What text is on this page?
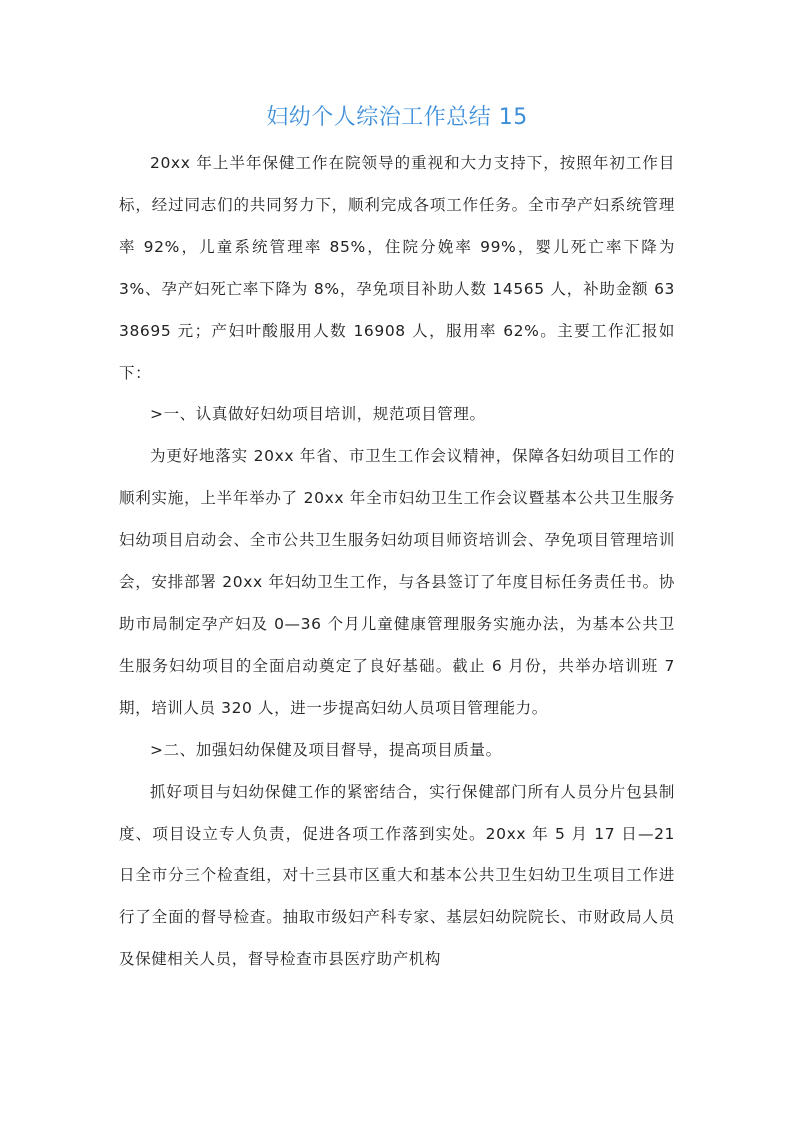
妇幼个人综治工作总结 15

20xx 年上半年保健工作在院领导的重视和大力支持下，按照年初工作目标，经过同志们的共同努力下，顺利完成各项工作任务。全市孕产妇系统管理率 92%，儿童系统管理率 85%，住院分娩率 99%，婴儿死亡率下降为 3%、孕产妇死亡率下降为 8%，孕免项目补助人数 14565 人，补助金额 6338695 元；产妇叶酸服用人数 16908 人，服用率 62%。主要工作汇报如下：

>一、认真做好妇幼项目培训，规范项目管理。

为更好地落实 20xx 年省、市卫生工作会议精神，保障各妇幼项目工作的顺利实施，上半年举办了 20xx 年全市妇幼卫生工作会议暨基本公共卫生服务妇幼项目启动会、全市公共卫生服务妇幼项目师资培训会、孕免项目管理培训会，安排部署 20xx 年妇幼卫生工作，与各县签订了年度目标任务责任书。协助市局制定孕产妇及 0—36 个月儿童健康管理服务实施办法，为基本公共卫生服务妇幼项目的全面启动奠定了良好基础。截止 6 月份，共举办培训班 7 期，培训人员 320 人，进一步提高妇幼人员项目管理能力。

>二、加强妇幼保健及项目督导，提高项目质量。

抓好项目与妇幼保健工作的紧密结合，实行保健部门所有人员分片包县制度、项目设立专人负责，促进各项工作落到实处。20xx 年 5 月 17 日—21 日全市分三个检查组，对十三县市区重大和基本公共卫生妇幼卫生项目工作进行了全面的督导检查。抽取市级妇产科专家、基层妇幼院院长、市财政局人员及保健相关人员，督导检查市县医疗助产机构
